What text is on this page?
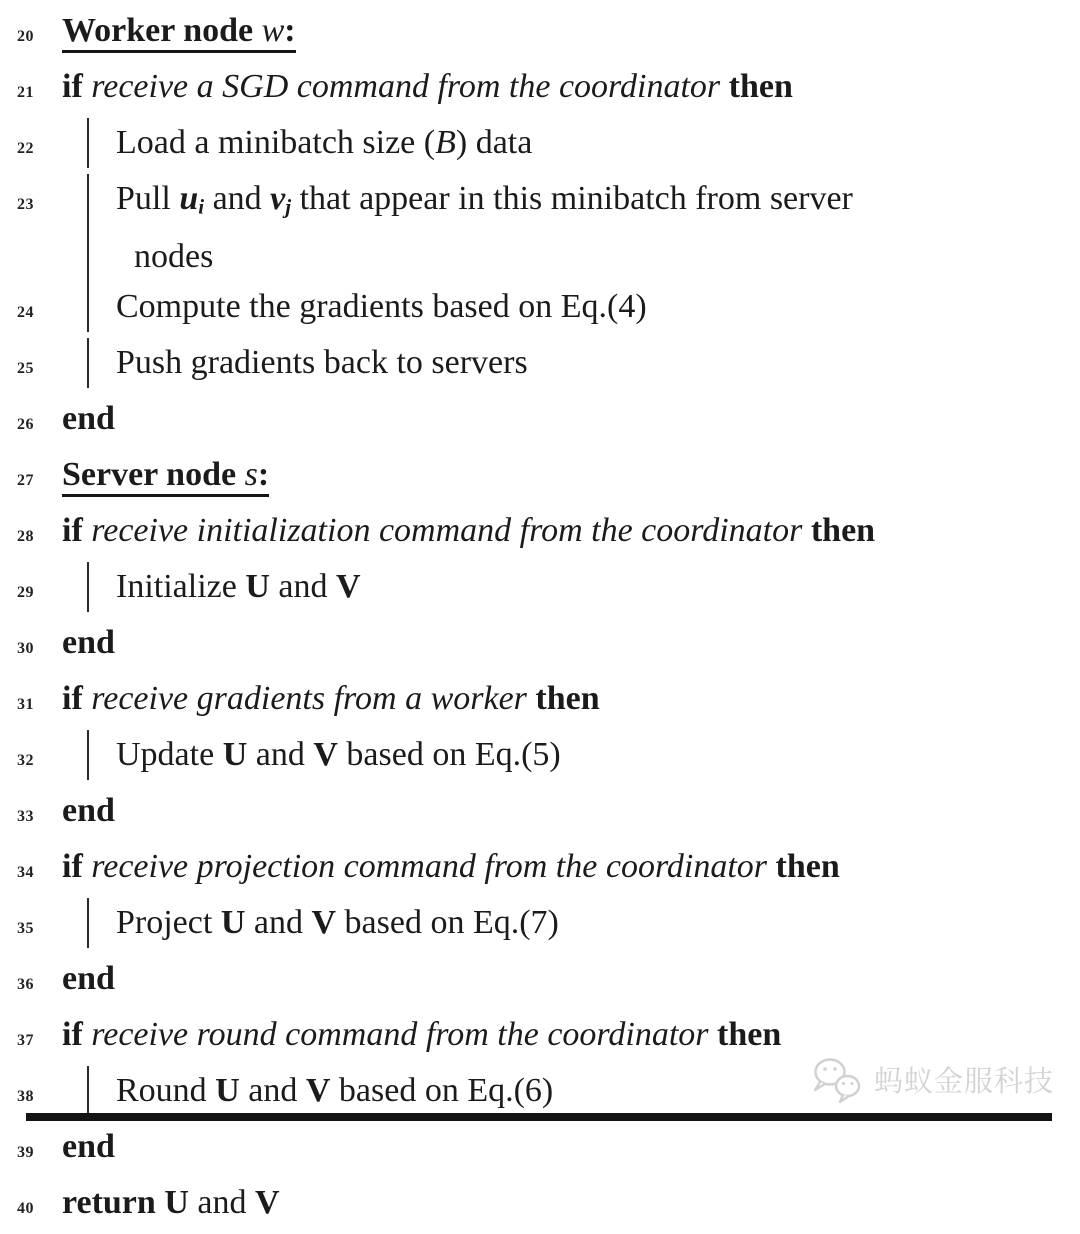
20 Worker node w:
21 if receive a SGD command from the coordinator then
22	Load a minibatch size (B) data
23	Pull ui and vj that appear in this minibatch from server
nodes
24	Compute the gradients based on Eq.(4)
25	Push gradients back to servers
26 end
27 Server node s:
28 if receive initialization command from the coordinator then
29	Initialize U and V
30 end
31 if receive gradients from a worker then
32	Update U and V based on Eq.(5)
33 end
34 if receive projection command from the coordinator then
35	Project U and V based on Eq.(7)
36 end
37 if receive round command from the coordinator then
38	Round U and V based on Eq.(6)
39 end
40 return U and V
蚂蚁金服科技
